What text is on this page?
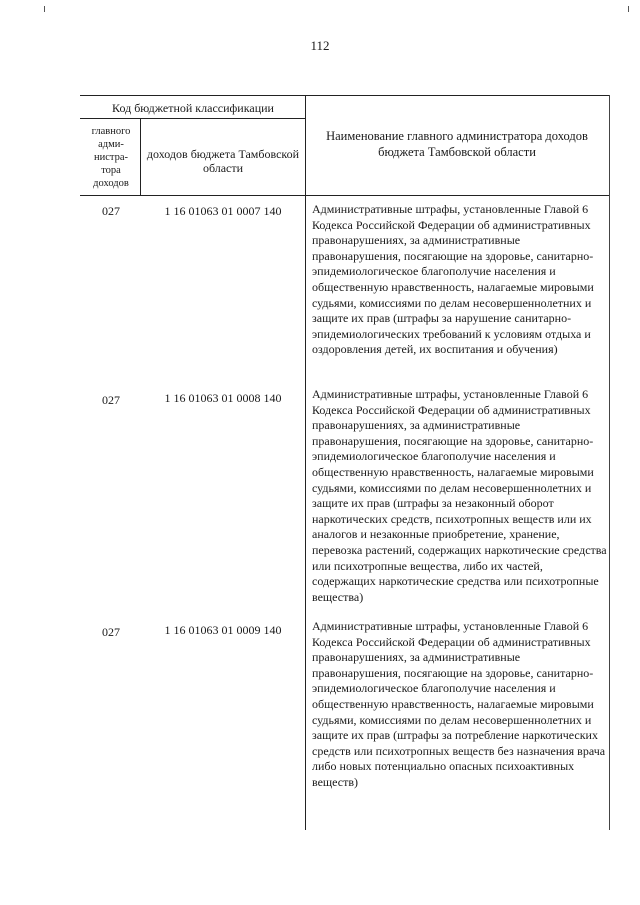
112
Код бюджетной классификации
главного
адми-
нистра-
тора
доходов
доходов бюджета Тамбовской области
Наименование главного администратора доходов бюджета Тамбовской области
027	1 16 01063 01 0007 140	Административные штрафы, установленные Главой 6 Кодекса Российской Федерации об административных правонарушениях, за административные правонарушения, посягающие на здоровье, санитарно-эпидемиологическое благополучие населения и общественную нравственность, налагаемые мировыми судьями, комиссиями по делам несовершеннолетних и защите их прав (штрафы за нарушение санитарно-эпидемиологических требований к условиям отдыха и оздоровления детей, их воспитания и обучения)
027	1 16 01063 01 0008 140	Административные штрафы, установленные Главой 6 Кодекса Российской Федерации об административных правонарушениях, за административные правонарушения, посягающие на здоровье, санитарно-эпидемиологическое благополучие населения и общественную нравственность, налагаемые мировыми судьями, комиссиями по делам несовершеннолетних и защите их прав (штрафы за незаконный оборот наркотических средств, психотропных веществ или их аналогов и незаконные приобретение, хранение, перевозка растений, содержащих наркотические средства или психотропные вещества, либо их частей, содержащих наркотические средства или психотропные вещества)
027	1 16 01063 01 0009 140	Административные штрафы, установленные Главой 6 Кодекса Российской Федерации об административных правонарушениях, за административные правонарушения, посягающие на здоровье, санитарно-эпидемиологическое благополучие населения и общественную нравственность, налагаемые мировыми судьями, комиссиями по делам несовершеннолетних и защите их прав (штрафы за потребление наркотических средств или психотропных веществ без назначения врача либо новых потенциально опасных психоактивных веществ)
